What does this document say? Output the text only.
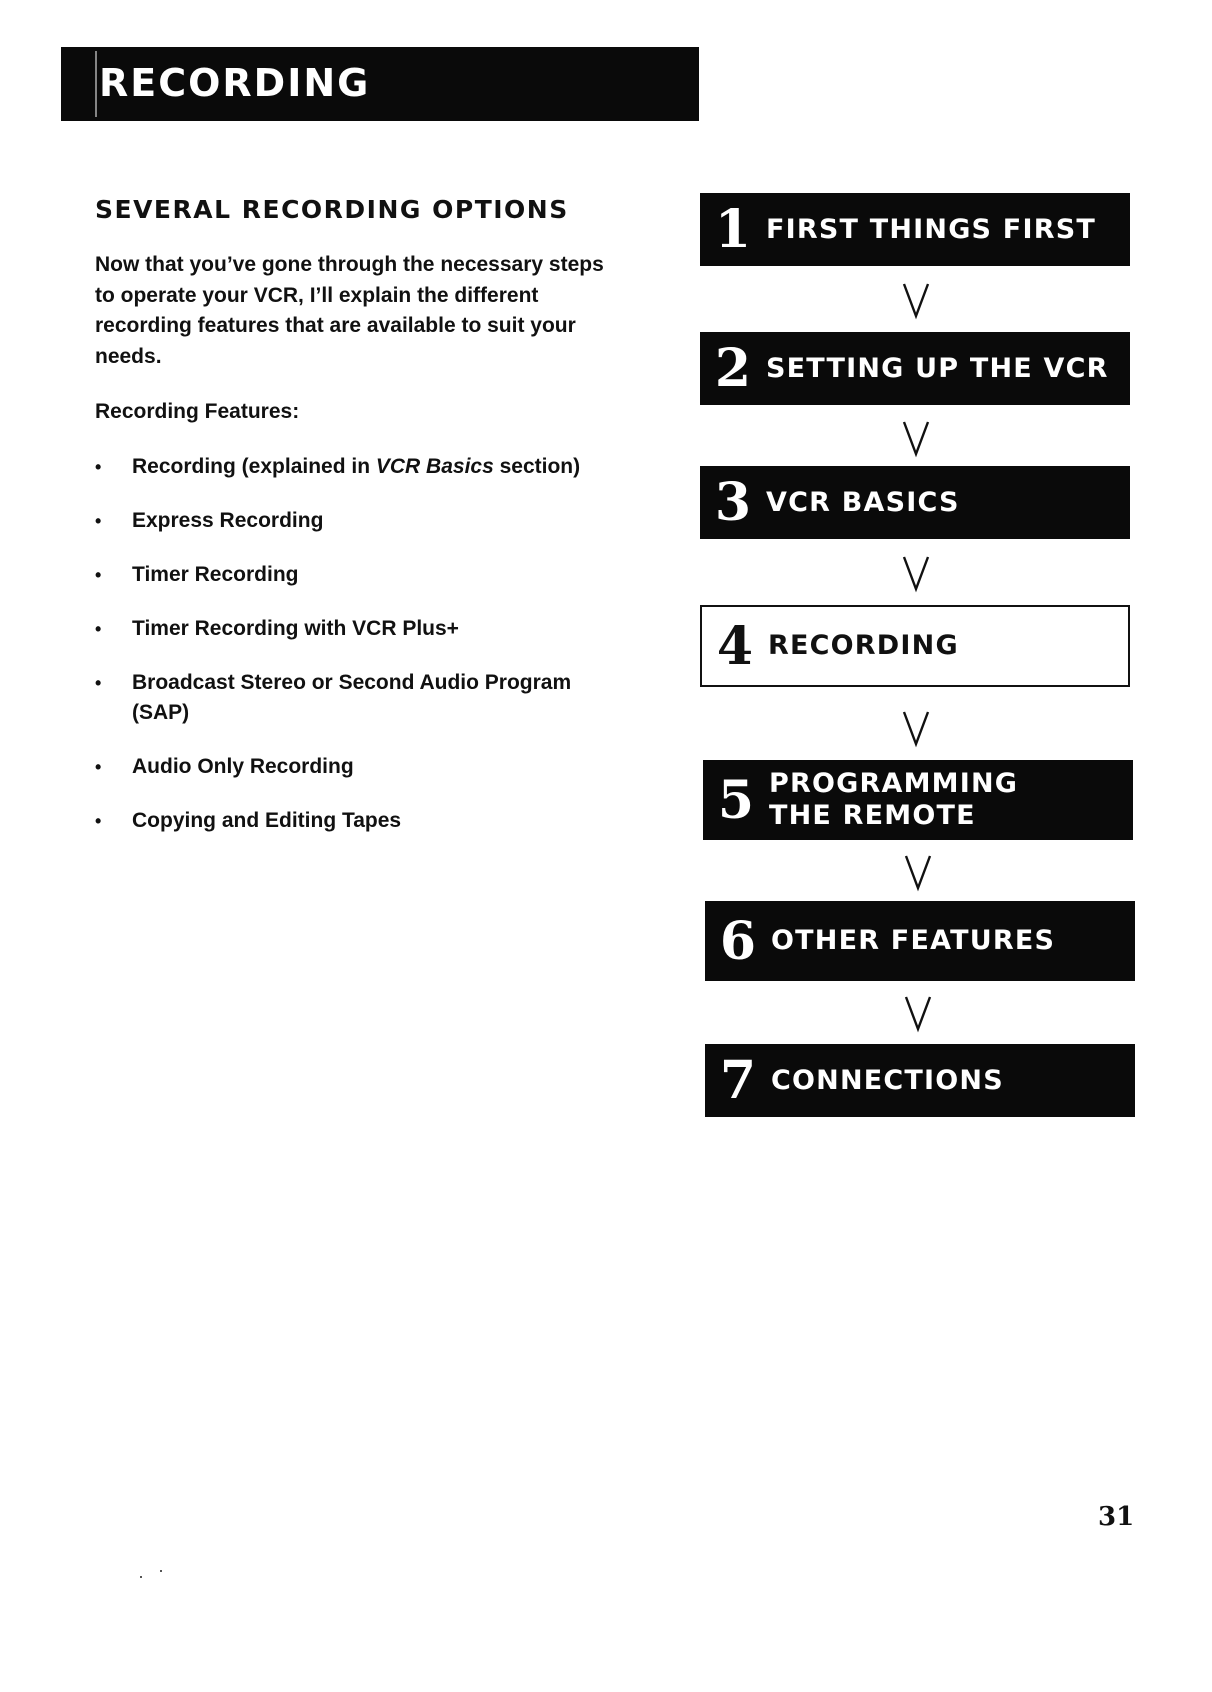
RECORDING
SEVERAL RECORDING OPTIONS
Now that you’ve gone through the necessary steps to operate your VCR, I’ll explain the different recording features that are available to suit your needs.
Recording Features:
• Recording (explained in VCR Basics section)
• Express Recording
• Timer Recording
• Timer Recording with VCR Plus+
• Broadcast Stereo or Second Audio Program (SAP)
• Audio Only Recording
• Copying and Editing Tapes
1 FIRST THINGS FIRST
2 SETTING UP THE VCR
3 VCR BASICS
4 RECORDING
5 PROGRAMMING THE REMOTE
6 OTHER FEATURES
7 CONNECTIONS
31
